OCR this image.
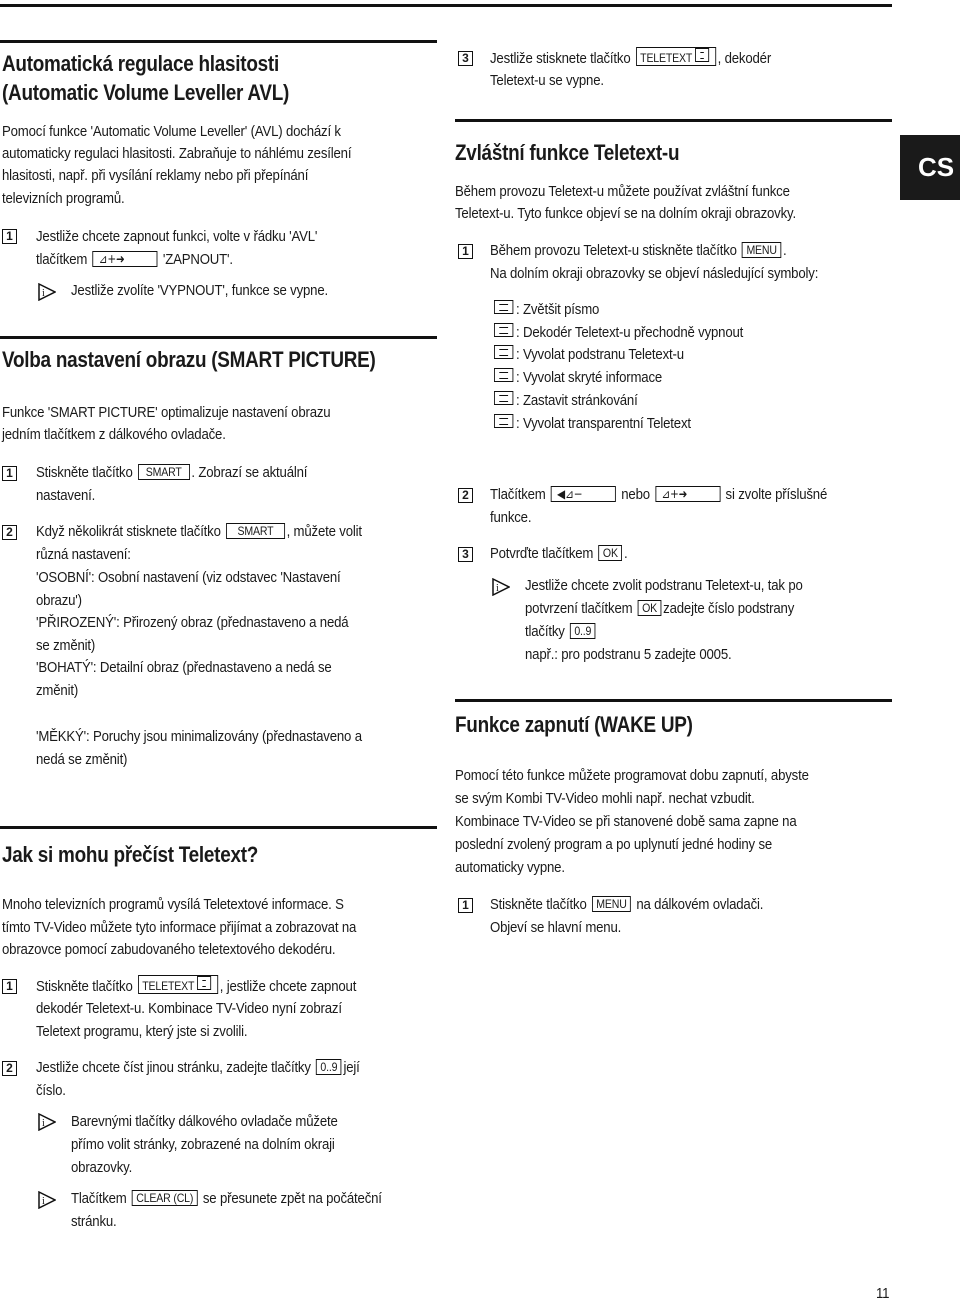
Automatická regulace hlasitosti
(Automatic Volume Leveller AVL)
Pomocí funkce 'Automatic Volume Leveller' (AVL) dochází k
automaticky regulaci hlasitosti. Zabraňuje to náhlému zesílení
hlasitosti, např. při vysílání reklamy nebo při přepínání
televizních programů.
1 Jestliže chcete zapnout funkci, volte v řádku 'AVL'
tlačítkem ⊿+➜	'ZAPNOUT'.
i Jestliže zvolíte 'VYPNOUT', funkce se vypne.
Volba nastavení obrazu (SMART PICTURE)
Funkce 'SMART PICTURE' optimalizuje nastavení obrazu
jedním tlačítkem z dálkového ovladače.
1 Stiskněte tlačítko SMART . Zobrazí se aktuální
nastavení.
2 Když několikrát stisknete tlačítko SMART , můžete volit
různá nastavení:
'OSOBNÍ': Osobní nastavení (viz odstavec 'Nastavení
obrazu')
'PŘIROZENÝ': Přirozený obraz (přednastaveno a nedá
se změnit)
'BOHATÝ': Detailní obraz (přednastaveno a nedá se
změnit)
'MĚKKÝ': Poruchy jsou minimalizovány (přednastaveno a
nedá se změnit)
Jak si mohu přečíst Teletext?
Mnoho televizních programů vysílá Teletextové informace. S
tímto TV-Video můžete tyto informace přijímat a zobrazovat na
obrazovce pomocí zabudovaného teletextového dekodéru.
1 Stiskněte tlačítko TELETEXT , jestliže chcete zapnout
dekodér Teletext-u. Kombinace TV-Video nyní zobrazí
Teletext programu, který jste si zvolili.
2 Jestliže chcete číst jinou stránku, zadejte tlačítky 0..9 její
číslo.
i Barevnými tlačítky dálkového ovladače můžete
přímo volit stránky, zobrazené na dolním okraji
obrazovky.
i Tlačítkem CLEAR (CL) se přesunete zpět na počáteční
stránku.
3 Jestliže stisknete tlačítko TELETEXT , dekodér
Teletext-u se vypne.
Zvláštní funkce Teletext-u
Během provozu Teletext-u můžete používat zvláštní funkce
Teletext-u. Tyto funkce objeví se na dolním okraji obrazovky.
1 Během provozu Teletext-u stiskněte tlačítko MENU .
Na dolním okraji obrazovky se objeví následující symboly:
: Zvětšit písmo
: Dekodér Teletext-u přechodně vypnout
: Vyvolat podstranu Teletext-u
: Vyvolat skryté informace
: Zastavit stránkování
: Vyvolat transparentní Teletext
2 Tlačítkem ◀⊿−	nebo ⊿+➜	si zvolte příslušné
funkce.
3 Potvrďte tlačítkem OK .
i Jestliže chcete zvolit podstranu Teletext-u, tak po
potvrzení tlačítkem OK zadejte číslo podstrany
tlačítky 0..9
např.: pro podstranu 5 zadejte 0005.
Funkce zapnutí (WAKE UP)
Pomocí této funkce můžete programovat dobu zapnutí, abyste
se svým Kombi TV-Video mohli např. nechat vzbudit.
Kombinace TV-Video se při stanovené době sama zapne na
poslední zvolený program a po uplynutí jedné hodiny se
automaticky vypne.
1 Stiskněte tlačítko MENU na dálkovém ovladači.
Objeví se hlavní menu.
CS
11
